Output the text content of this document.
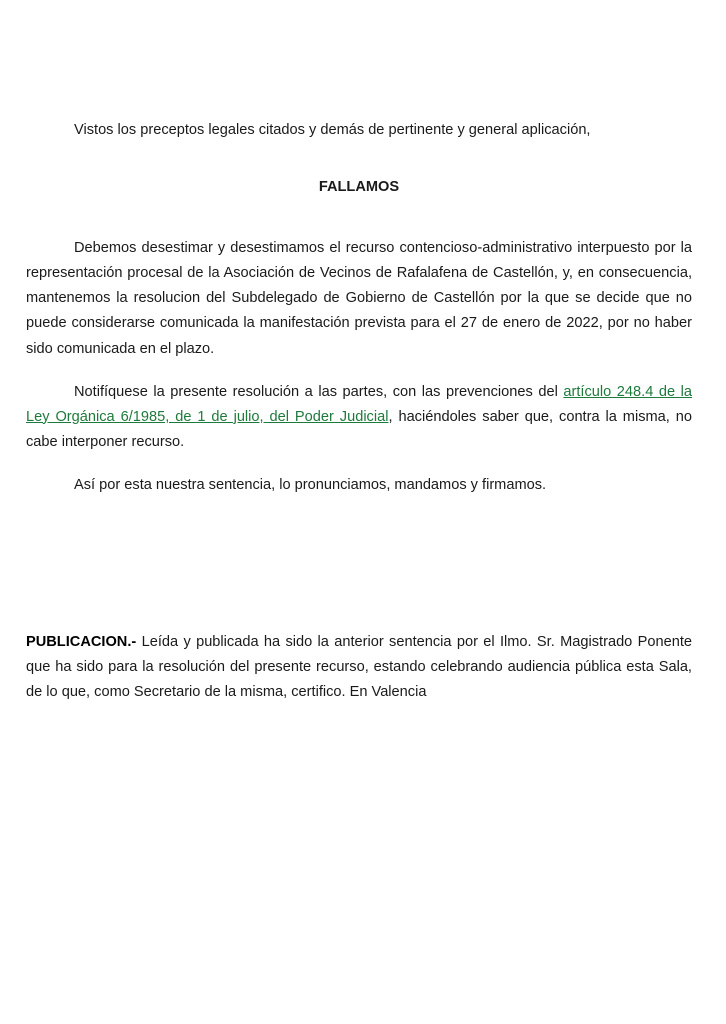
Vistos los preceptos legales citados y demás de pertinente y general aplicación,

FALLAMOS

Debemos desestimar y desestimamos el recurso contencioso-administrativo interpuesto por la representación procesal de la Asociación de Vecinos de Rafalafena de Castellón, y, en consecuencia, mantenemos la resolucion del Subdelegado de Gobierno de Castellón por la que se decide que no puede considerarse comunicada la manifestación prevista para el 27 de enero de 2022, por no haber sido comunicada en el plazo.

Notifíquese la presente resolución a las partes, con las prevenciones del artículo 248.4 de la Ley Orgánica 6/1985, de 1 de julio, del Poder Judicial, haciéndoles saber que, contra la misma, no cabe interponer recurso.

Así por esta nuestra sentencia, lo pronunciamos, mandamos y firmamos.

PUBLICACION.- Leída y publicada ha sido la anterior sentencia por el Ilmo. Sr. Magistrado Ponente que ha sido para la resolución del presente recurso, estando celebrando audiencia pública esta Sala, de lo que, como Secretario de la misma, certifico. En Valencia
